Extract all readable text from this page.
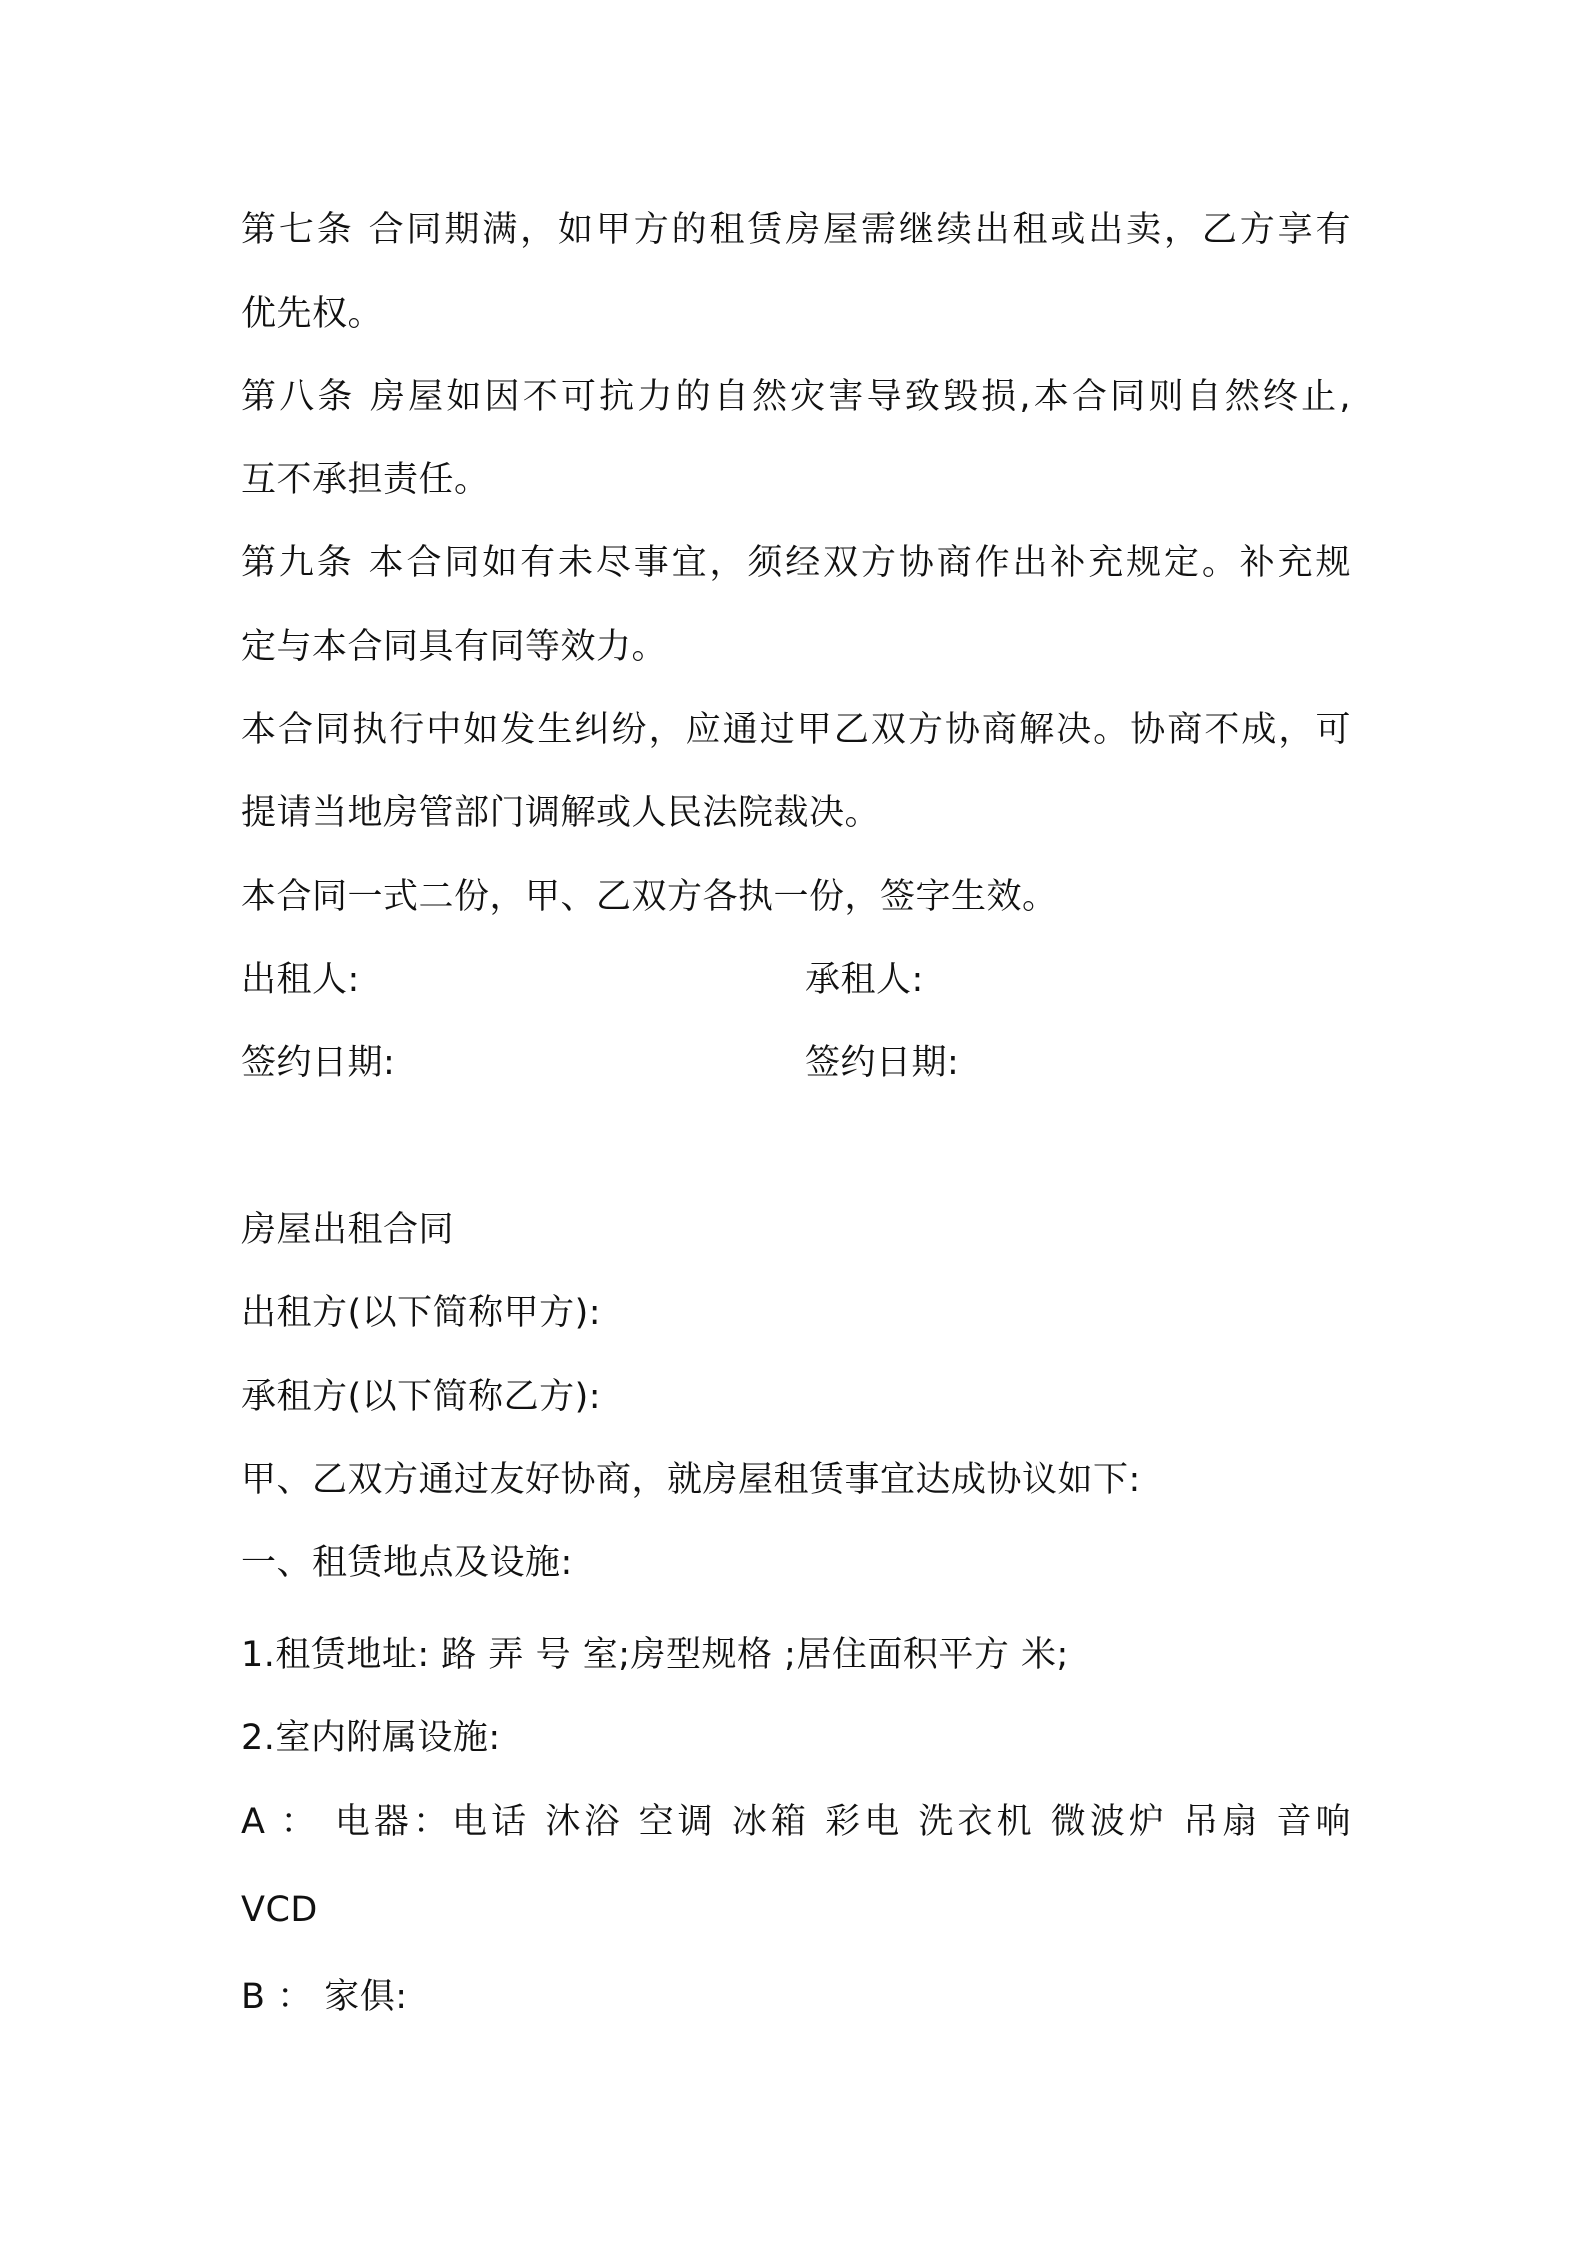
第七条 合同期满，如甲方的租赁房屋需继续出租或出卖，乙方享有
优先权。
第八条 房屋如因不可抗力的自然灾害导致毁损,本合同则自然终止,
互不承担责任。
第九条 本合同如有未尽事宜，须经双方协商作出补充规定。补充规
定与本合同具有同等效力。
本合同执行中如发生纠纷，应通过甲乙双方协商解决。协商不成，可
提请当地房管部门调解或人民法院裁决。
本合同一式二份，甲、乙双方各执一份，签字生效。
出租人:	承租人:
签约日期:	签约日期:
房屋出租合同
出租方(以下简称甲方):
承租方(以下简称乙方):
甲、乙双方通过友好协商，就房屋租赁事宜达成协议如下:
一、租赁地点及设施:
1.租赁地址: 路 弄 号 室;房型规格 ;居住面积平方 米;
2.室内附属设施:
A ： 电器：电话 沐浴 空调 冰箱 彩电 洗衣机 微波炉 吊扇 音响
VCD
B ： 家俱:
